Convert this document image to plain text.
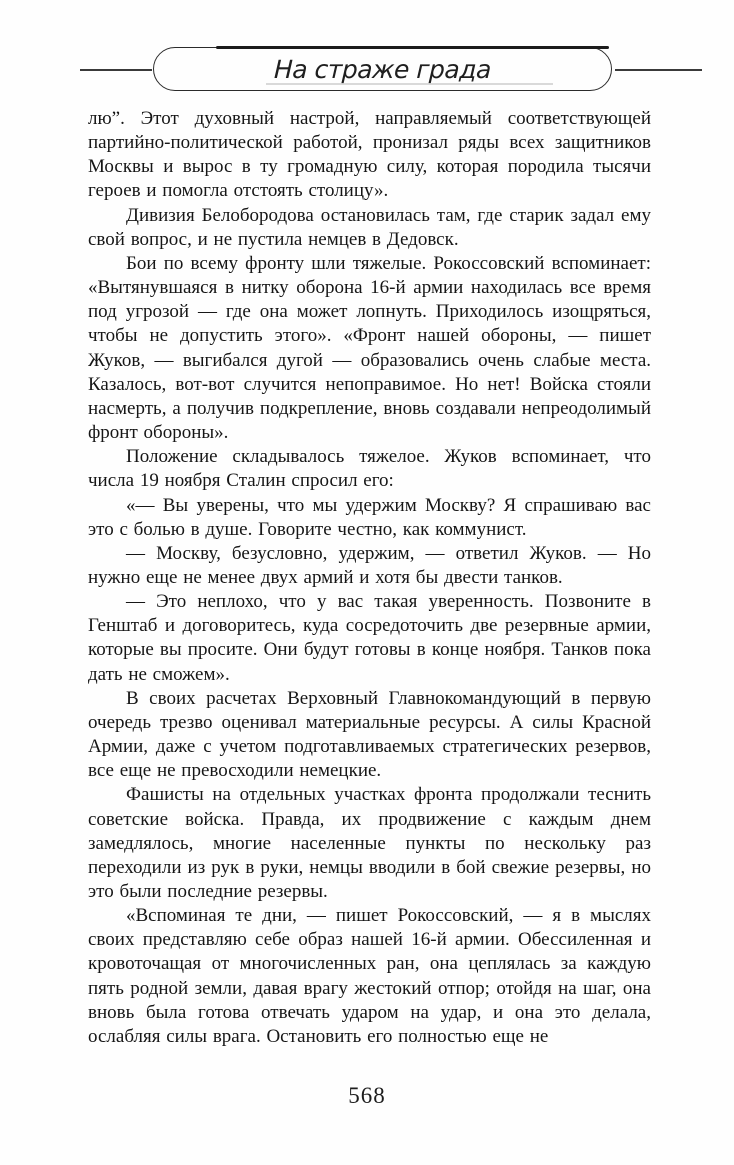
На страже града

лю”. Этот духовный настрой, направляемый соответствующей партийно-политической работой, пронизал ряды всех защитников Москвы и вырос в ту громадную силу, которая породила тысячи героев и помогла отстоять столицу».

Дивизия Белобородова остановилась там, где старик задал ему свой вопрос, и не пустила немцев в Дедовск.

Бои по всему фронту шли тяжелые. Рокоссовский вспоминает: «Вытянувшаяся в нитку оборона 16-й армии находилась все время под угрозой — где она может лопнуть. Приходилось изощряться, чтобы не допустить этого». «Фронт нашей обороны, — пишет Жуков, — выгибался дугой — образовались очень слабые места. Казалось, вот-вот случится непоправимое. Но нет! Войска стояли насмерть, а получив подкрепление, вновь создавали непреодолимый фронт обороны».

Положение складывалось тяжелое. Жуков вспоминает, что числа 19 ноября Сталин спросил его:

«— Вы уверены, что мы удержим Москву? Я спрашиваю вас это с болью в душе. Говорите честно, как коммунист.

— Москву, безусловно, удержим, — ответил Жуков. — Но нужно еще не менее двух армий и хотя бы двести танков.

— Это неплохо, что у вас такая уверенность. Позвоните в Генштаб и договоритесь, куда сосредоточить две резервные армии, которые вы просите. Они будут готовы в конце ноября. Танков пока дать не сможем».

В своих расчетах Верховный Главнокомандующий в первую очередь трезво оценивал материальные ресурсы. А силы Красной Армии, даже с учетом подготавливаемых стратегических резервов, все еще не превосходили немецкие.

Фашисты на отдельных участках фронта продолжали теснить советские войска. Правда, их продвижение с каждым днем замедлялось, многие населенные пункты по нескольку раз переходили из рук в руки, немцы вводили в бой свежие резервы, но это были последние резервы.

«Вспоминая те дни, — пишет Рокоссовский, — я в мыслях своих представляю себе образ нашей 16-й армии. Обессиленная и кровоточащая от многочисленных ран, она цеплялась за каждую пять родной земли, давая врагу жестокий отпор; отойдя на шаг, она вновь была готова отвечать ударом на удар, и она это делала, ослабляя силы врага. Остановить его полностью еще не

568
